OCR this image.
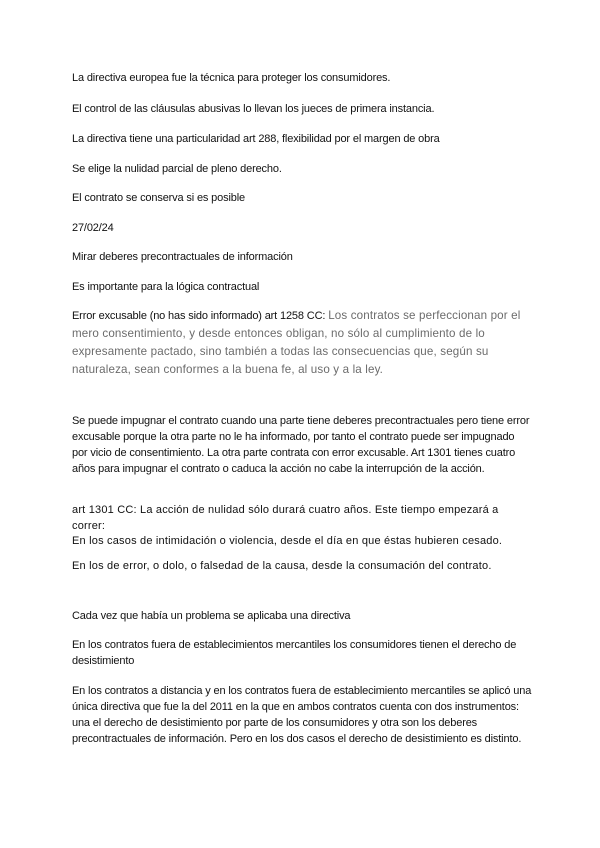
La directiva europea fue la técnica para proteger los consumidores.

El control de las cláusulas abusivas lo llevan los jueces de primera instancia.

La directiva tiene una particularidad art 288, flexibilidad por el margen de obra

Se elige la nulidad parcial de pleno derecho.

El contrato se conserva si es posible

27/02/24

Mirar deberes precontractuales de información

Es importante para la lógica contractual

Error excusable (no has sido informado) art 1258 CC: Los contratos se perfeccionan por el mero consentimiento, y desde entonces obligan, no sólo al cumplimiento de lo expresamente pactado, sino también a todas las consecuencias que, según su naturaleza, sean conformes a la buena fe, al uso y a la ley.

Se puede impugnar el contrato cuando una parte tiene deberes precontractuales pero tiene error excusable porque la otra parte no le ha informado, por tanto el contrato puede ser impugnado por vicio de consentimiento. La otra parte contrata con error excusable. Art 1301 tienes cuatro años para impugnar el contrato o caduca la acción no cabe la interrupción de la acción.

art 1301 CC: La acción de nulidad sólo durará cuatro años. Este tiempo empezará a correr:

En los casos de intimidación o violencia, desde el día en que éstas hubieren cesado.

En los de error, o dolo, o falsedad de la causa, desde la consumación del contrato.

Cada vez que había un problema se aplicaba una directiva

En los contratos fuera de establecimientos mercantiles los consumidores tienen el derecho de desistimiento

En los contratos a distancia y en los contratos fuera de establecimiento mercantiles se aplicó una única directiva que fue la del 2011 en la que en ambos contratos cuenta con dos instrumentos: una el derecho de desistimiento por parte de los consumidores y otra son los deberes precontractuales de información. Pero en los dos casos el derecho de desistimiento es distinto.
